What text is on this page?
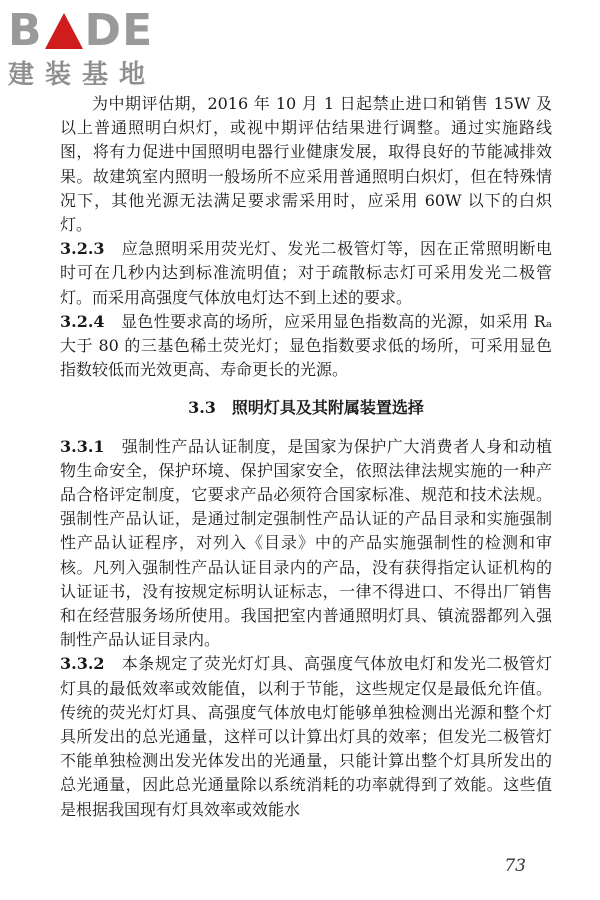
B DE
建装基地

为中期评估期，2016 年 10 月 1 日起禁止进口和销售 15W 及以上普通照明白炽灯，或视中期评估结果进行调整。通过实施路线图，将有力促进中国照明电器行业健康发展，取得良好的节能减排效果。故建筑室内照明一般场所不应采用普通照明白炽灯，但在特殊情况下，其他光源无法满足要求需采用时，应采用 60W 以下的白炽灯。

3.2.3　 应急照明采用荧光灯、发光二极管灯等，因在正常照明断电时可在几秒内达到标准流明值；对于疏散标志灯可采用发光二极管灯。而采用高强度气体放电灯达不到上述的要求。

3.2.4　 显色性要求高的场所，应采用显色指数高的光源，如采用 Rₐ 大于 80 的三基色稀土荧光灯；显色指数要求低的场所，可采用显色指数较低而光效更高、寿命更长的光源。

3.3　照明灯具及其附属装置选择

3.3.1　 强制性产品认证制度，是国家为保护广大消费者人身和动植物生命安全，保护环境、保护国家安全，依照法律法规实施的一种产品合格评定制度，它要求产品必须符合国家标准、规范和技术法规。强制性产品认证，是通过制定强制性产品认证的产品目录和实施强制性产品认证程序，对列入《目录》中的产品实施强制性的检测和审核。凡列入强制性产品认证目录内的产品，没有获得指定认证机构的认证证书，没有按规定标明认证标志，一律不得进口、不得出厂销售和在经营服务场所使用。我国把室内普通照明灯具、镇流器都列入强制性产品认证目录内。

3.3.2　 本条规定了荧光灯灯具、高强度气体放电灯和发光二极管灯灯具的最低效率或效能值，以利于节能，这些规定仅是最低允许值。传统的荧光灯灯具、高强度气体放电灯能够单独检测出光源和整个灯具所发出的总光通量，这样可以计算出灯具的效率；但发光二极管灯不能单独检测出发光体发出的光通量，只能计算出整个灯具所发出的总光通量，因此总光通量除以系统消耗的功率就得到了效能。这些值是根据我国现有灯具效率或效能水

73
